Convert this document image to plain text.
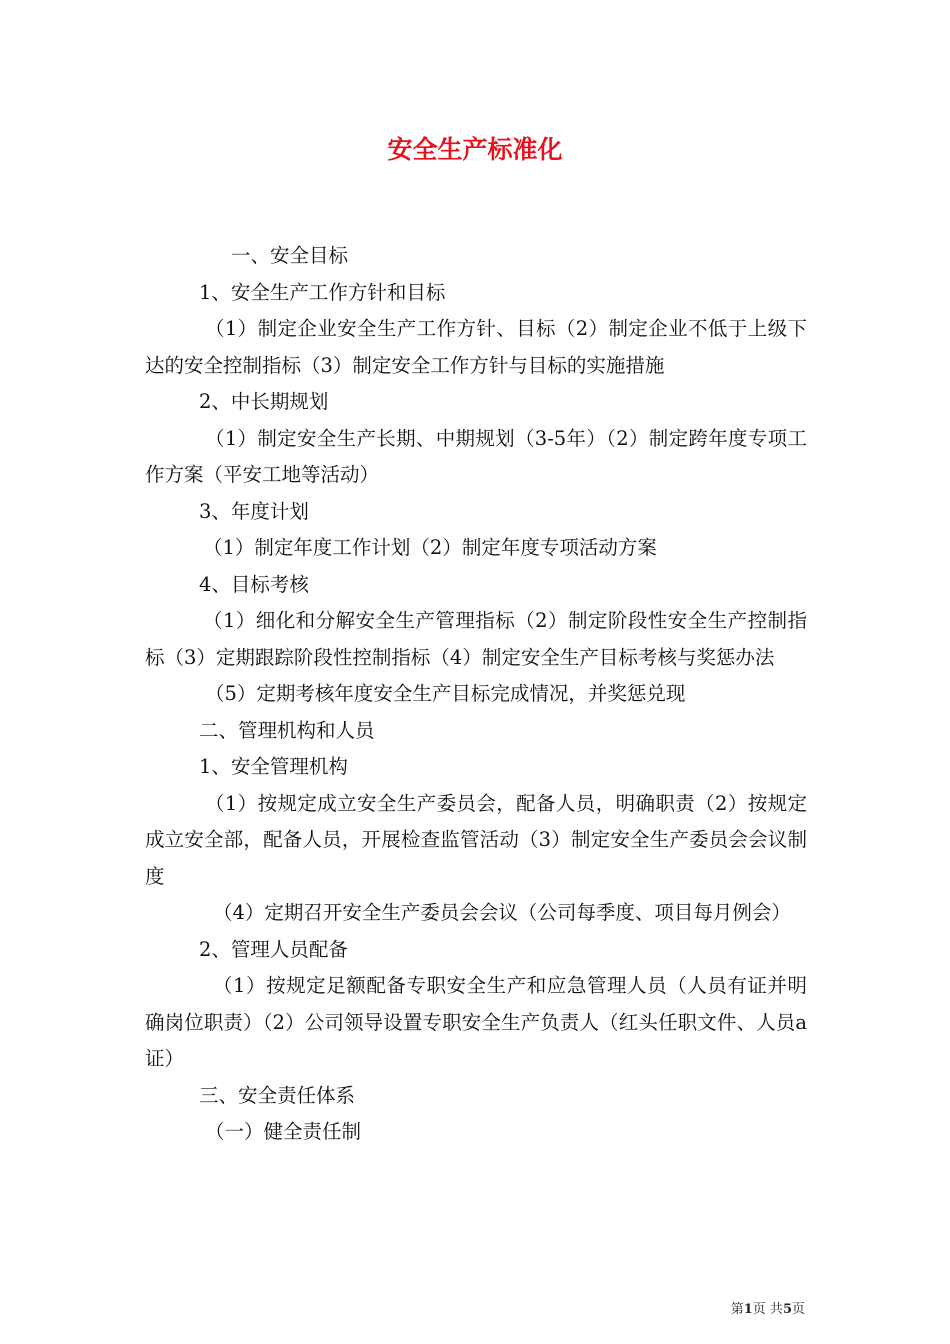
安全生产标准化

一、安全目标

1、安全生产工作方针和目标

（1）制定企业安全生产工作方针、目标（2）制定企业不低于上级下达的安全控制指标（3）制定安全工作方针与目标的实施措施

2、中长期规划

（1）制定安全生产长期、中期规划（3-5年）（2）制定跨年度专项工作方案（平安工地等活动）

3、年度计划

（1）制定年度工作计划（2）制定年度专项活动方案

4、目标考核

（1）细化和分解安全生产管理指标（2）制定阶段性安全生产控制指标（3）定期跟踪阶段性控制指标（4）制定安全生产目标考核与奖惩办法

（5）定期考核年度安全生产目标完成情况，并奖惩兑现

二、管理机构和人员

1、安全管理机构

（1）按规定成立安全生产委员会，配备人员，明确职责（2）按规定成立安全部，配备人员，开展检查监管活动（3）制定安全生产委员会会议制度

（4）定期召开安全生产委员会会议（公司每季度、项目每月例会）

2、管理人员配备

（1）按规定足额配备专职安全生产和应急管理人员（人员有证并明确岗位职责）（2）公司领导设置专职安全生产负责人（红头任职文件、人员a证）

三、安全责任体系

（一）健全责任制

第1页 共5页
